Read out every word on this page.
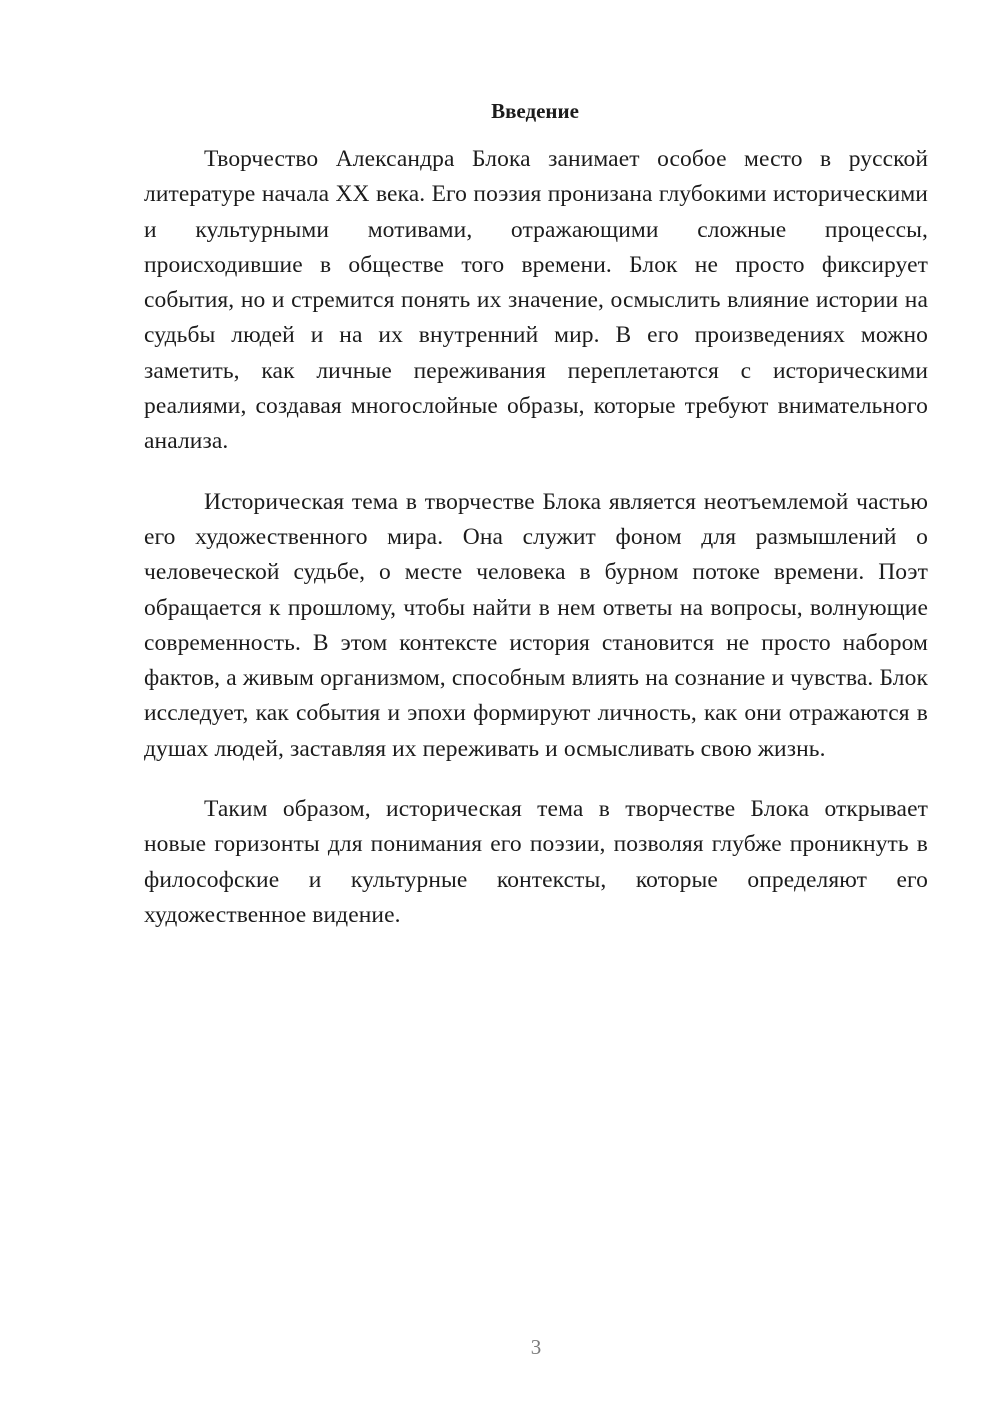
Введение

Творчество Александра Блока занимает особое место в русской литературе начала XX века. Его поэзия пронизана глубокими историческими и культурными мотивами, отражающими сложные процессы, происходившие в обществе того времени. Блок не просто фиксирует события, но и стремится понять их значение, осмыслить влияние истории на судьбы людей и на их внутренний мир. В его произведениях можно заметить, как личные переживания переплетаются с историческими реалиями, создавая многослойные образы, которые требуют внимательного анализа.

Историческая тема в творчестве Блока является неотъемлемой частью его художественного мира. Она служит фоном для размышлений о человеческой судьбе, о месте человека в бурном потоке времени. Поэт обращается к прошлому, чтобы найти в нем ответы на вопросы, волнующие современность. В этом контексте история становится не просто набором фактов, а живым организмом, способным влиять на сознание и чувства. Блок исследует, как события и эпохи формируют личность, как они отражаются в душах людей, заставляя их переживать и осмысливать свою жизнь.

Таким образом, историческая тема в творчестве Блока открывает новые горизонты для понимания его поэзии, позволяя глубже проникнуть в философские и культурные контексты, которые определяют его художественное видение.

3
